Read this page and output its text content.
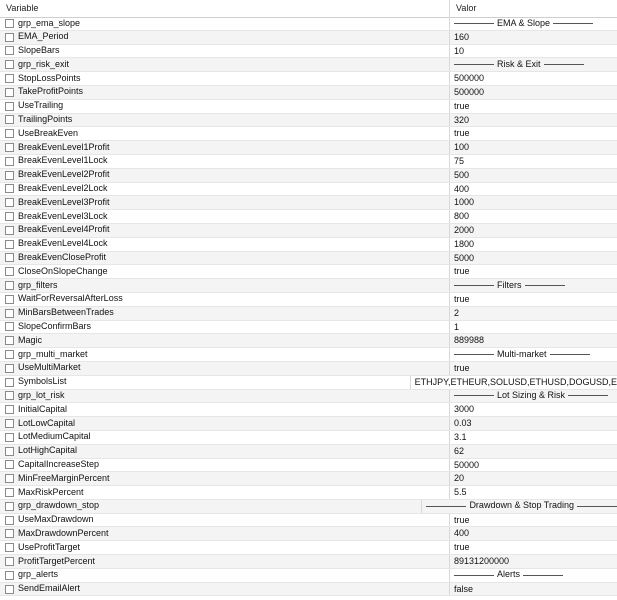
Variable	Valor
grp_ema_slope	EMA & Slope
EMA_Period	160
SlopeBars	10
grp_risk_exit	Risk & Exit
StopLossPoints	500000
TakeProfitPoints	500000
UseTrailing	true
TrailingPoints	320
UseBreakEven	true
BreakEvenLevel1Profit	100
BreakEvenLevel1Lock	75
BreakEvenLevel2Profit	500
BreakEvenLevel2Lock	400
BreakEvenLevel3Profit	1000
BreakEvenLevel3Lock	800
BreakEvenLevel4Profit	2000
BreakEvenLevel4Lock	1800
BreakEvenCloseProfit	5000
CloseOnSlopeChange	true
grp_filters	Filters
WaitForReversalAfterLoss	true
MinBarsBetweenTrades	2
SlopeConfirmBars	1
Magic	889988
grp_multi_market	Multi-market
UseMultiMarket	true
SymbolsList	ETHJPY,ETHEUR,SOLUSD,ETHUSD,DOGUSD,E
grp_lot_risk	Lot Sizing & Risk
InitialCapital	3000
LotLowCapital	0.03
LotMediumCapital	3.1
LotHighCapital	62
CapitalIncreaseStep	50000
MinFreeMarginPercent	20
MaxRiskPercent	5.5
grp_drawdown_stop	Drawdown & Stop Trading
UseMaxDrawdown	true
MaxDrawdownPercent	400
UseProfitTarget	true
ProfitTargetPercent	89131200000
grp_alerts	Alerts
SendEmailAlert	false
